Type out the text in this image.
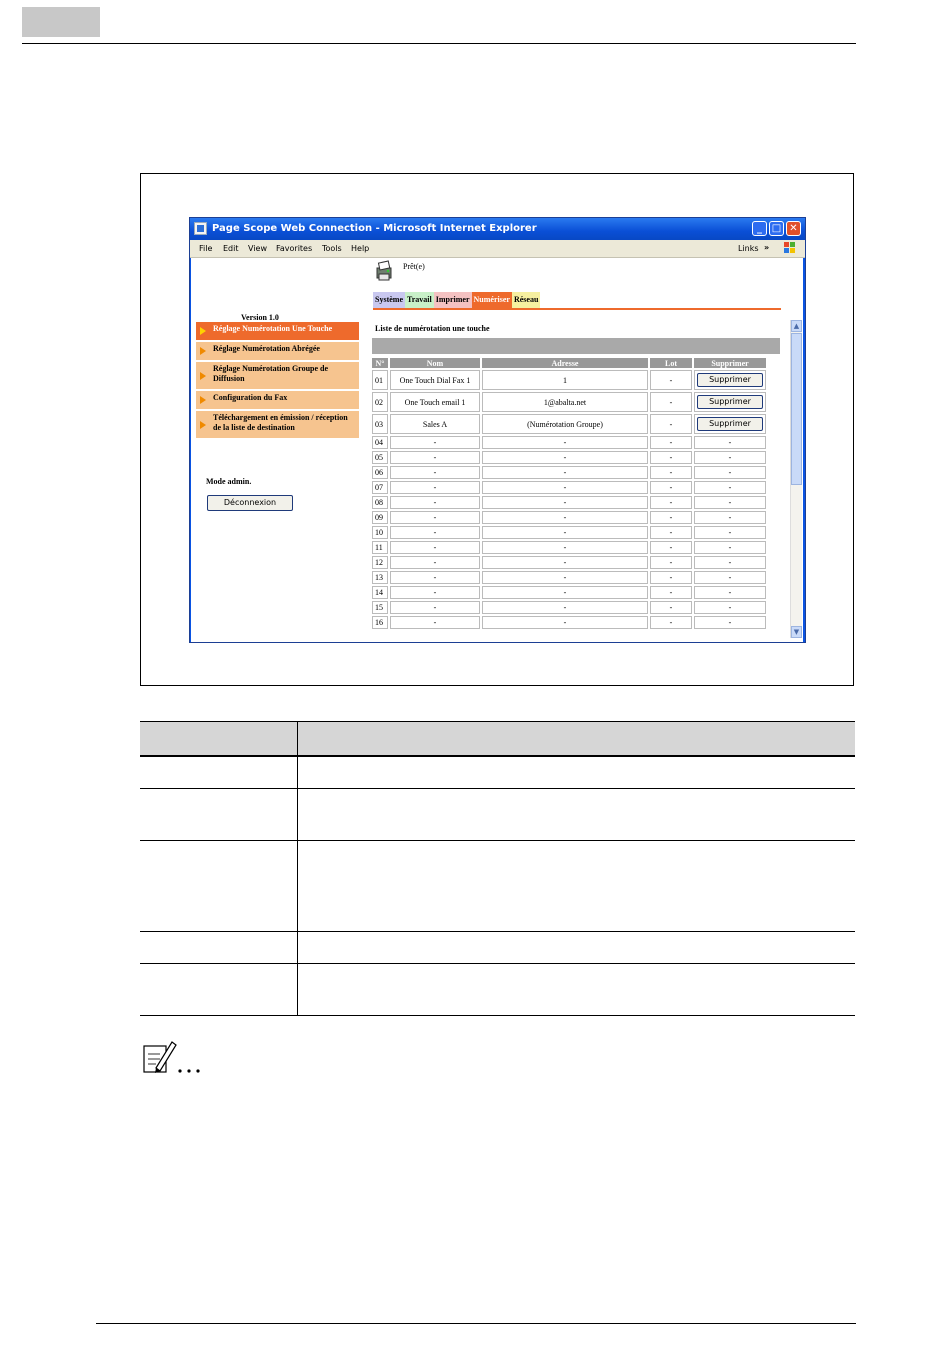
Page Scope Web Connection - Microsoft Internet Explorer	_ □ ✕
File Edit View Favorites Tools Help	Links »
Version 1.0
Réglage Numérotation Une Touche
Réglage Numérotation Abrégée
Réglage Numérotation Groupe de Diffusion
Configuration du Fax
Téléchargement en émission / réception de la liste de destination
Mode admin.
Déconnexion
Prêt(e)
Système Travail Imprimer Numériser Réseau
Liste de numérotation une touche
N°	Nom	Adresse	Lot	Supprimer
01	One Touch Dial Fax 1	1	-	Supprimer
02	One Touch email 1	1@abalta.net	-	Supprimer
03	Sales A	(Numérotation Groupe)	-	Supprimer
04	-	-	-	-
05	-	-	-	-
06	-	-	-	-
07	-	-	-	-
08	-	-	-	-
09	-	-	-	-
10	-	-	-	-
11	-	-	-	-
12	-	-	-	-
13	-	-	-	-
14	-	-	-	-
15	-	-	-	-
16	-	-	-	-
▲
▼
